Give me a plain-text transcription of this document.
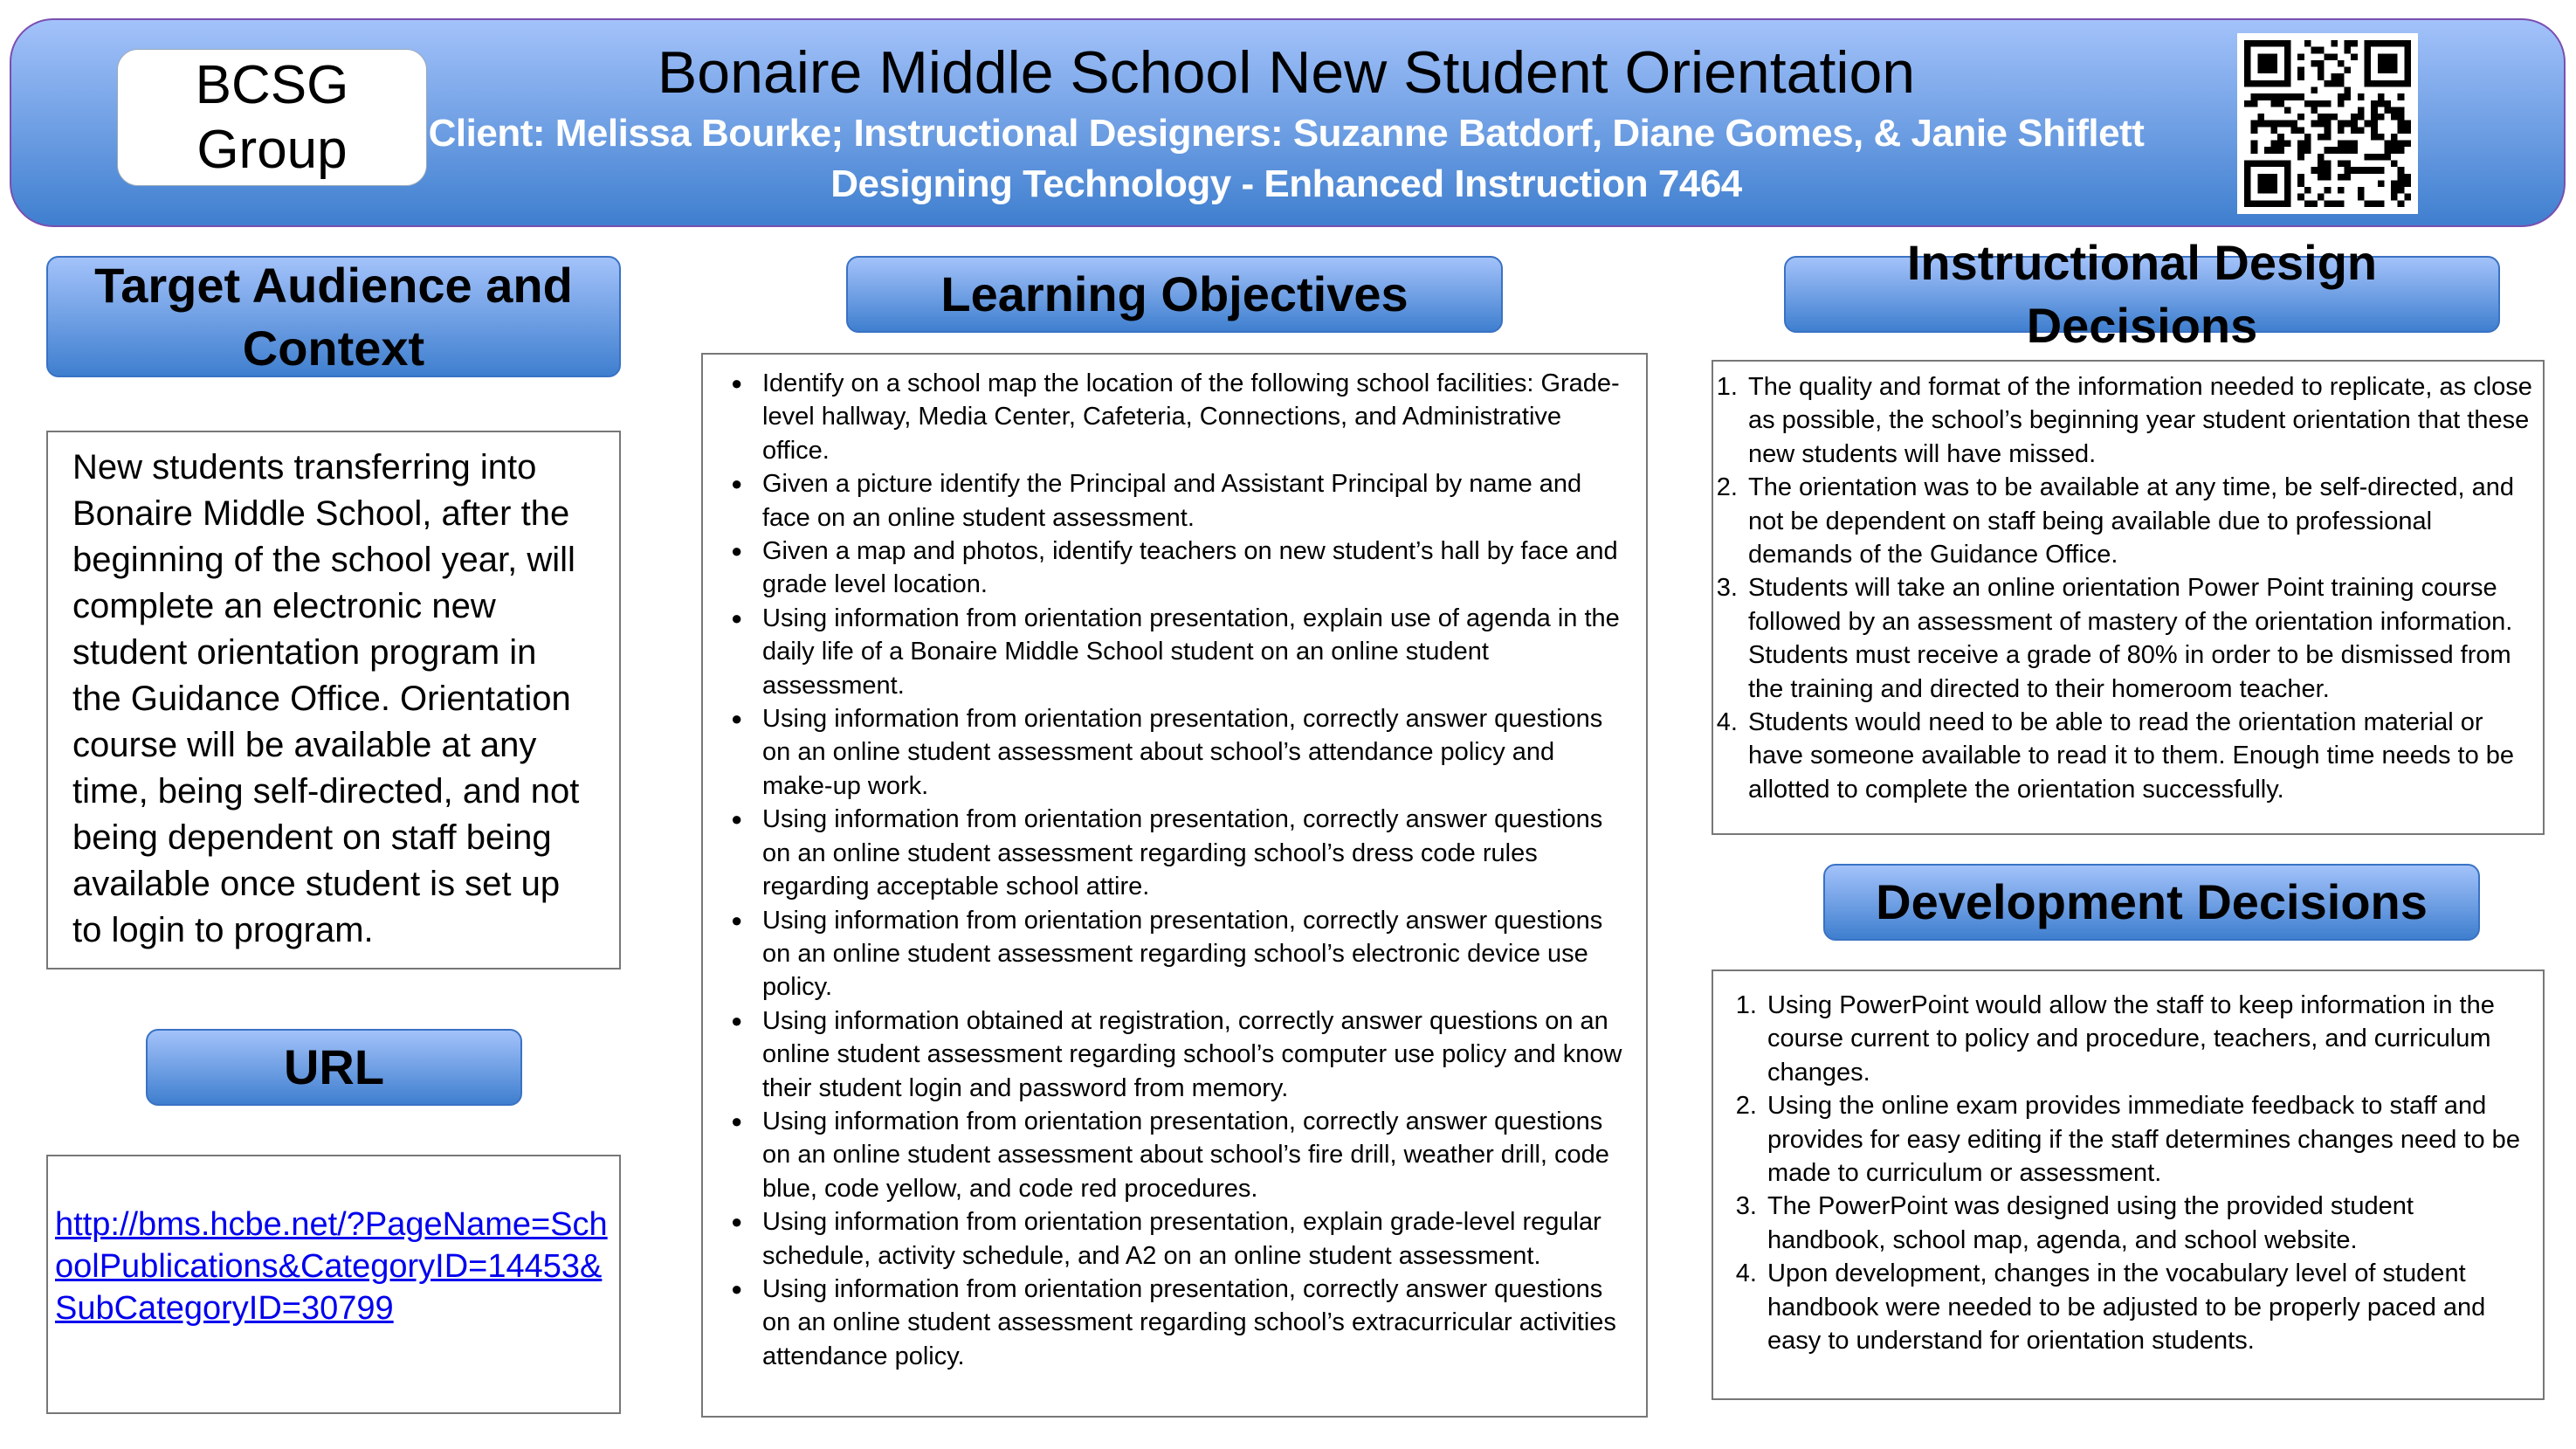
BCSG
Group
Bonaire Middle School New Student Orientation
Client: Melissa Bourke; Instructional Designers: Suzanne Batdorf, Diane Gomes, & Janie Shiflett
Designing Technology - Enhanced Instruction 7464
Target Audience and Context
New students transferring into Bonaire Middle School, after the beginning of the school year, will complete an electronic new student orientation program in the Guidance Office. Orientation course will be available at any time, being self-directed, and not being dependent on staff being available once student is set up to login to program.
URL
http://bms.hcbe.net/?PageName=SchoolPublications&CategoryID=14453&SubCategoryID=30799
Learning Objectives
● Identify on a school map the location of the following school facilities: Grade-level hallway, Media Center, Cafeteria, Connections, and Administrative office.
● Given a picture identify the Principal and Assistant Principal by name and face on an online student assessment.
● Given a map and photos, identify teachers on new student’s hall by face and grade level location.
● Using information from orientation presentation, explain use of agenda in the daily life of a Bonaire Middle School student on an online student assessment.
● Using information from orientation presentation, correctly answer questions on an online student assessment about school’s attendance policy and make-up work.
● Using information from orientation presentation, correctly answer questions on an online student assessment regarding school’s dress code rules regarding acceptable school attire.
● Using information from orientation presentation, correctly answer questions on an online student assessment regarding school’s electronic device use policy.
● Using information obtained at registration, correctly answer questions on an online student assessment regarding school’s computer use policy and know their student login and password from memory.
● Using information from orientation presentation, correctly answer questions on an online student assessment about school’s fire drill, weather drill, code blue, code yellow, and code red procedures.
● Using information from orientation presentation, explain grade-level regular schedule, activity schedule, and A2 on an online student assessment.
● Using information from orientation presentation, correctly answer questions on an online student assessment regarding school’s extracurricular activities attendance policy.
Instructional Design Decisions
1. The quality and format of the information needed to replicate, as close as possible, the school’s beginning year student orientation that these new students will have missed.
2. The orientation was to be available at any time, be self-directed, and not be dependent on staff being available due to professional demands of the Guidance Office.
3. Students will take an online orientation Power Point training course followed by an assessment of mastery of the orientation information. Students must receive a grade of 80% in order to be dismissed from the training and directed to their homeroom teacher.
4. Students would need to be able to read the orientation material or have someone available to read it to them. Enough time needs to be allotted to complete the orientation successfully.
Development Decisions
1. Using PowerPoint would allow the staff to keep information in the course current to policy and procedure, teachers, and curriculum changes.
2. Using the online exam provides immediate feedback to staff and provides for easy editing if the staff determines changes need to be made to curriculum or assessment.
3. The PowerPoint was designed using the provided student handbook, school map, agenda, and school website.
4. Upon development, changes in the vocabulary level of student handbook were needed to be adjusted to be properly paced and easy to understand for orientation students.
